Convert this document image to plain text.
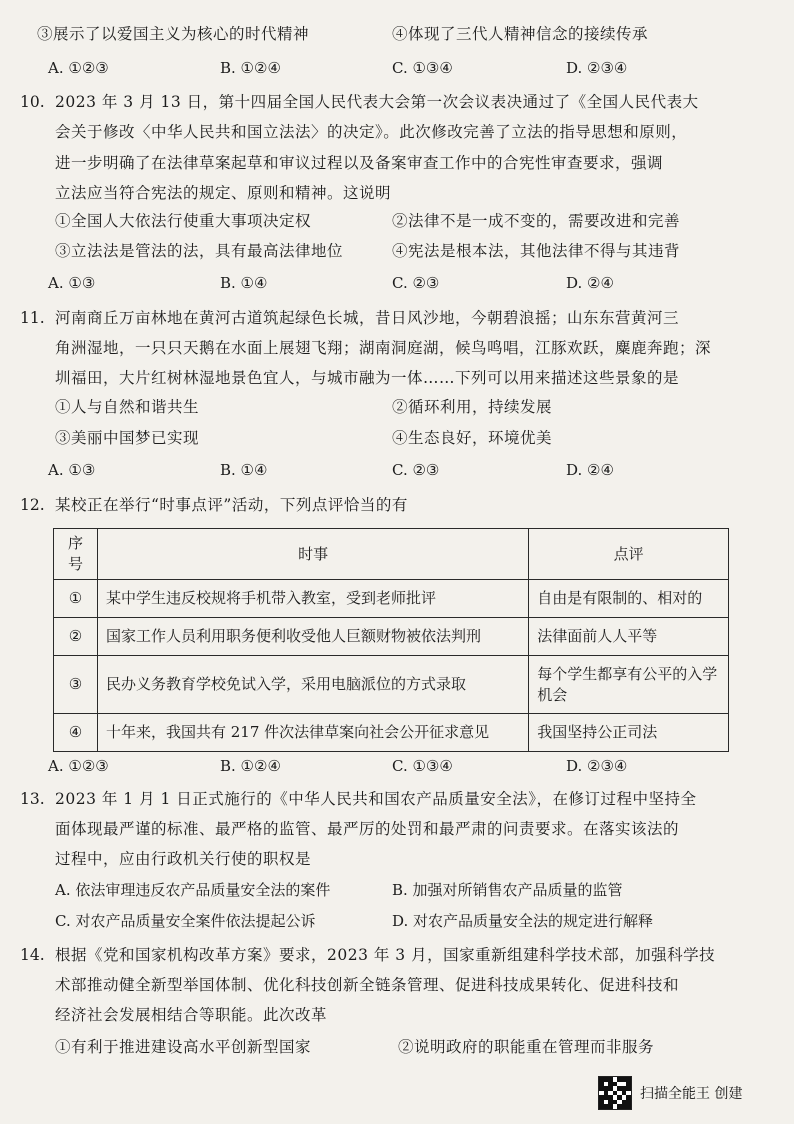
③展示了以爱国主义为核心的时代精神	④体现了三代人精神信念的接续传承
A. ①②③	B. ①②④	C. ①③④	D. ②③④
10. 2023 年 3 月 13 日，第十四届全国人民代表大会第一次会议表决通过了《全国人民代表大
会关于修改〈中华人民共和国立法法〉的决定》。此次修改完善了立法的指导思想和原则，
进一步明确了在法律草案起草和审议过程以及备案审查工作中的合宪性审查要求，强调
立法应当符合宪法的规定、原则和精神。这说明
①全国人大依法行使重大事项决定权	②法律不是一成不变的，需要改进和完善
③立法法是管法的法，具有最高法律地位	④宪法是根本法，其他法律不得与其违背
A. ①③	B. ①④	C. ②③	D. ②④
11. 河南商丘万亩林地在黄河古道筑起绿色长城，昔日风沙地，今朝碧浪摇；山东东营黄河三
角洲湿地，一只只天鹅在水面上展翅飞翔；湖南洞庭湖，候鸟鸣唱，江豚欢跃，麋鹿奔跑；深
圳福田，大片红树林湿地景色宜人，与城市融为一体……下列可以用来描述这些景象的是
①人与自然和谐共生	②循环利用，持续发展
③美丽中国梦已实现	④生态良好，环境优美
A. ①③	B. ①④	C. ②③	D. ②④
12. 某校正在举行“时事点评”活动，下列点评恰当的有
序号	时事	点评
①	某中学生违反校规将手机带入教室，受到老师批评	自由是有限制的、相对的
②	国家工作人员利用职务便利收受他人巨额财物被依法判刑	法律面前人人平等
③	民办义务教育学校免试入学，采用电脑派位的方式录取	每个学生都享有公平的入学机会
④	十年来，我国共有 217 件次法律草案向社会公开征求意见	我国坚持公正司法
A. ①②③	B. ①②④	C. ①③④	D. ②③④
13. 2023 年 1 月 1 日正式施行的《中华人民共和国农产品质量安全法》，在修订过程中坚持全
面体现最严谨的标准、最严格的监管、最严厉的处罚和最严肃的问责要求。在落实该法的
过程中，应由行政机关行使的职权是
A. 依法审理违反农产品质量安全法的案件	B. 加强对所销售农产品质量的监管
C. 对农产品质量安全案件依法提起公诉	D. 对农产品质量安全法的规定进行解释
14. 根据《党和国家机构改革方案》要求，2023 年 3 月，国家重新组建科学技术部，加强科学技
术部推动健全新型举国体制、优化科技创新全链条管理、促进科技成果转化、促进科技和
经济社会发展相结合等职能。此次改革
①有利于推进建设高水平创新型国家	②说明政府的职能重在管理而非服务
扫描全能王 创建
